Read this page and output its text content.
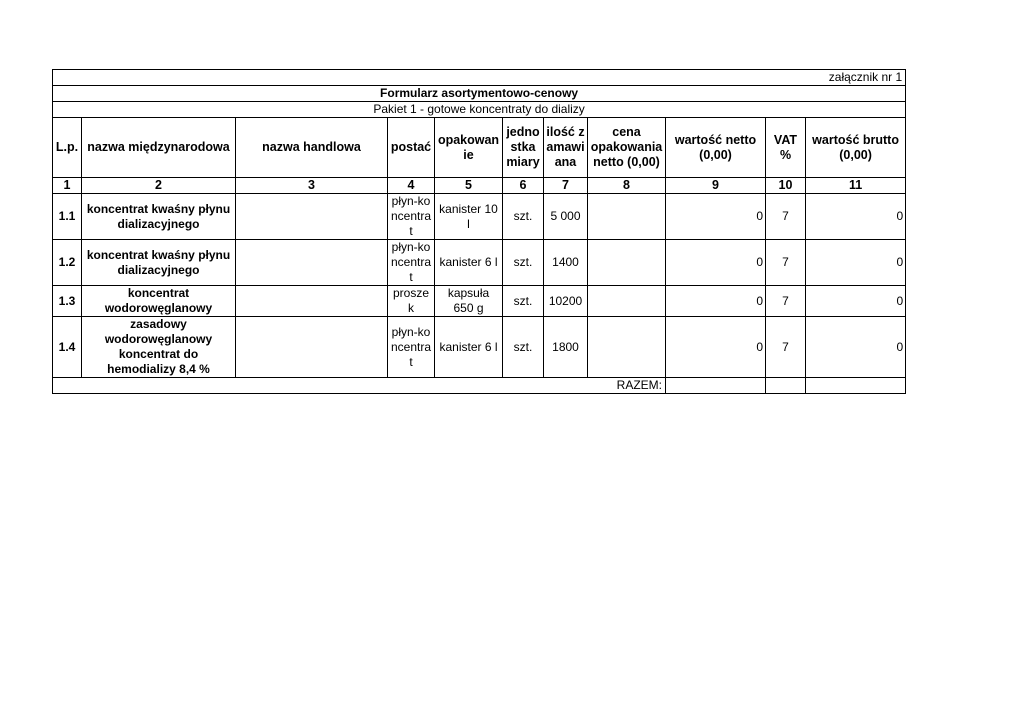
załącznik nr 1										
Formularz asortymentowo-cenowy										
Pakiet 1 - gotowe koncentraty do dializy										
L.p.	nazwa międzynarodowa	nazwa handlowa	postać	opakowanie	jednostka miary	ilość zamawiana	cena opakowania netto (0,00)	wartość netto (0,00)	VAT %	wartość brutto (0,00)
1	2	3	4	5	6	7	8	9	10	11
1.1	koncentrat kwaśny płynu dializacyjnego		płyn-koncentrat	kanister 10 l	szt.	5 000		0	7	0
1.2	koncentrat kwaśny płynu dializacyjnego		płyn-koncentrat	kanister 6 l	szt.	1400		0	7	0
1.3	koncentrat wodorowęglanowy		proszek	kapsuła 650 g	szt.	10200		0	7	0
1.4	zasadowy wodorowęglanowy koncentrat do hemodializy 8,4 %		płyn-koncentrat	kanister 6 l	szt.	1800		0	7	0
RAZEM:										
